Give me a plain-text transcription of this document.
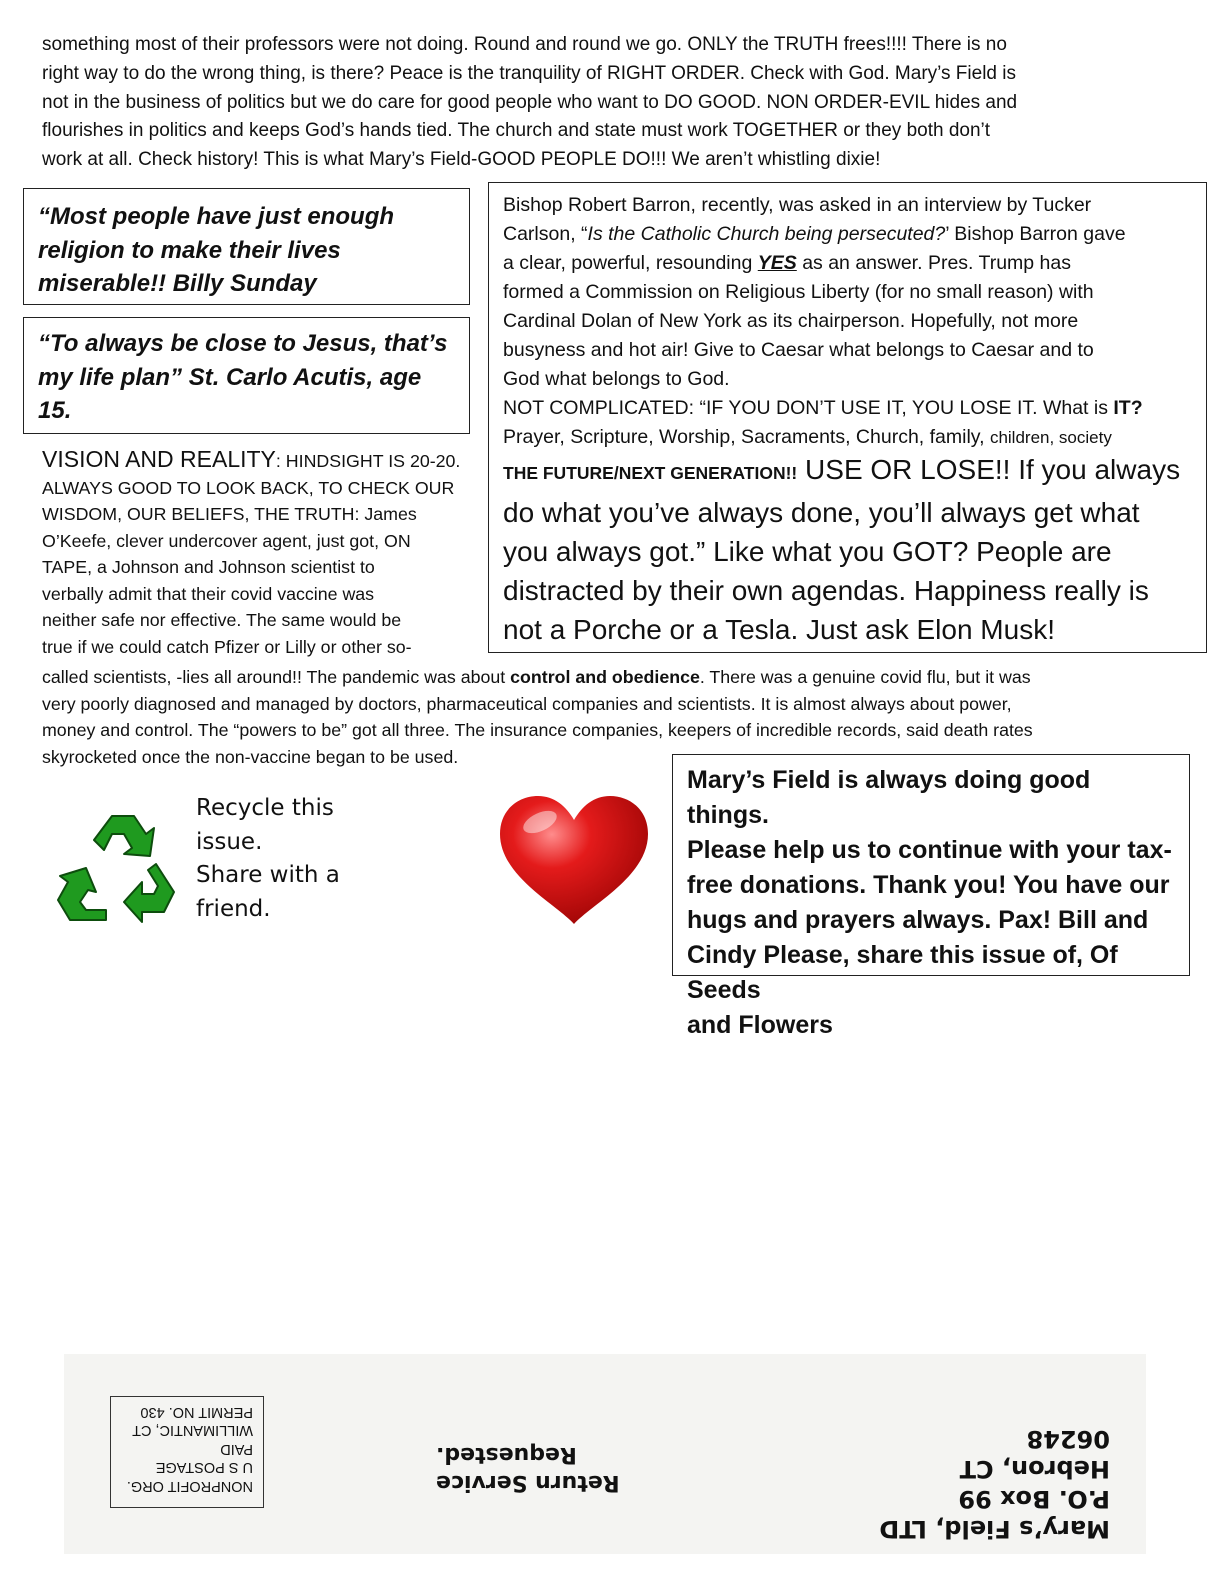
something most of their professors were not doing. Round and round we go. ONLY the TRUTH frees!!!! There is no
right way to do the wrong thing, is there? Peace is the tranquility of RIGHT ORDER. Check with God. Mary’s Field is
not in the business of politics but we do care for good people who want to DO GOOD. NON ORDER-EVIL hides and
flourishes in politics and keeps God’s hands tied. The church and state must work TOGETHER or they both don’t
work at all. Check history! This is what Mary’s Field-GOOD PEOPLE DO!!! We aren’t whistling dixie!
“Most people have just enough
religion to make their lives
miserable!! Billy Sunday
“To always be close to Jesus, that’s
my life plan” St. Carlo Acutis, age
15.
Bishop Robert Barron, recently, was asked in an interview by Tucker
Carlson, “Is the Catholic Church being persecuted?’ Bishop Barron gave
a clear, powerful, resounding YES as an answer. Pres. Trump has
formed a Commission on Religious Liberty (for no small reason) with
Cardinal Dolan of New York as its chairperson. Hopefully, not more
busyness and hot air! Give to Caesar what belongs to Caesar and to
God what belongs to God.
NOT COMPLICATED: “IF YOU DON’T USE IT, YOU LOSE IT. What is IT?
Prayer, Scripture, Worship, Sacraments, Church, family, children, society
THE FUTURE/NEXT GENERATION!! USE OR LOSE!! If you always
do what you’ve always done, you’ll always get what
you always got.” Like what you GOT? People are
distracted by their own agendas. Happiness really is
not a Porche or a Tesla. Just ask Elon Musk!
VISION AND REALITY: HINDSIGHT IS 20-20.
ALWAYS GOOD TO LOOK BACK, TO CHECK OUR
WISDOM, OUR BELIEFS, THE TRUTH: James
O’Keefe, clever undercover agent, just got, ON
TAPE, a Johnson and Johnson scientist to
verbally admit that their covid vaccine was
neither safe nor effective. The same would be
true if we could catch Pfizer or Lilly or other so-
called scientists, -lies all around!! The pandemic was about control and obedience. There was a genuine covid flu, but it was
very poorly diagnosed and managed by doctors, pharmaceutical companies and scientists. It is almost always about power,
money and control. The “powers to be” got all three. The insurance companies, keepers of incredible records, said death rates
skyrocketed once the non-vaccine began to be used.
Recycle this
issue.
Share with a
friend.
Mary’s Field is always doing good things.
Please help us to continue with your tax-
free donations. Thank you! You have our
hugs and prayers always. Pax! Bill and
Cindy Please, share this issue of, Of Seeds
and Flowers
NONPROFIT ORG.
U S POSTAGE PAID
WILLIMANTIC, CT
PERMIT NO. 430
Return Service
Requested.
Mary’s Field, LTD
P.O. Box 99
Hebron, CT 06248
